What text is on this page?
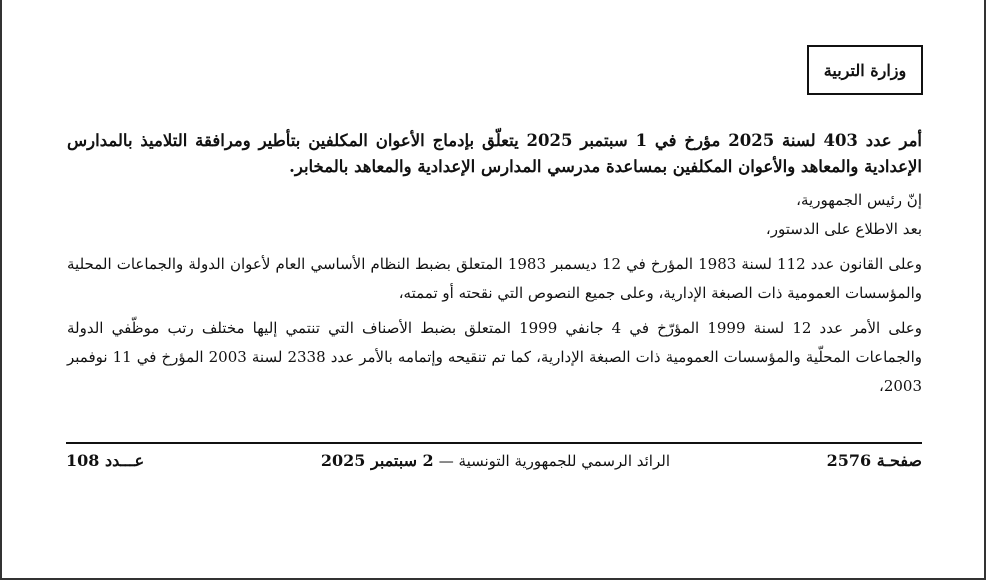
وزارة التربية

أمر عدد 403 لسنة 2025 مؤرخ في 1 سبتمبر 2025 يتعلّق بإدماج الأعوان المكلفين بتأطير ومرافقة التلاميذ بالمدارس الإعدادية والمعاهد والأعوان المكلفين بمساعدة مدرسي المدارس الإعدادية والمعاهد بالمخابر.

إنّ رئيس الجمهورية،

بعد الاطلاع على الدستور،

وعلى القانون عدد 112 لسنة 1983 المؤرخ في 12 ديسمبر 1983 المتعلق بضبط النظام الأساسي العام لأعوان الدولة والجماعات المحلية والمؤسسات العمومية ذات الصبغة الإدارية، وعلى جميع النصوص التي نقحته أو تممته،

وعلى الأمر عدد 12 لسنة 1999 المؤرّخ في 4 جانفي 1999 المتعلق بضبط الأصناف التي تنتمي إليها مختلف رتب موظّفي الدولة والجماعات المحلّية والمؤسسات العمومية ذات الصبغة الإدارية، كما تم تنقيحه وإتمامه بالأمر عدد 2338 لسنة 2003 المؤرخ في 11 نوفمبر 2003،

صفحـة 2576
الرائد الرسمي للجمهورية التونسية — 2 سبتمبر 2025
عـــدد 108
